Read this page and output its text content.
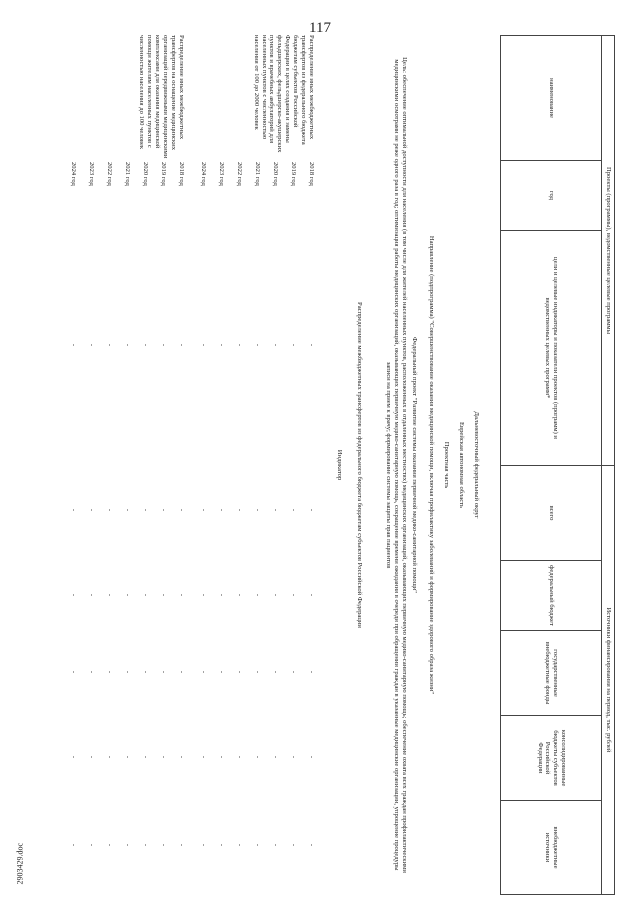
117
2903429.doc
Проекты (программы), ведомственные целевые программы
Источники финансирования на период, тыс. рублей
наименование
год
цели и целевые индикаторы и показатели проектов (программ) и ведомственных целевых программ*
всего
федеральный бюджет
государственные внебюджетные фонды
консолидированные бюджеты субъектов Российской Федерации
внебюджетные источники
Дальневосточный федеральный округ
Еврейская автономная область
Проектная часть
Направление (подпрограмма) "Совершенствование оказания медицинской помощи, включая профилактику заболеваний и формирование здорового образа жизни"
Федеральный проект "Развитие системы оказания первичной медико-санитарной помощи"
Цель: обеспечение оптимальной доступности для населения (в том числе для жителей населенных пунктов, расположенных в отдаленных местностях) медицинских организаций, оказывающих первичную медико-санитарную помощь; обеспечение охвата всех граждан профилактическими медицинскими осмотрами не реже одного раза в год; оптимизация работы медицинских организаций, оказывающих первичную медико-санитарную помощь, сокращение времени ожидания в очереди при обращении граждан в указанные медицинские организации, упрощение процедуры записи на прием к врачу; формирование системы защиты прав пациентов
Распределение межбюджетных трансфертов из федерального бюджета бюджетам субъектов Российской Федерации
Индикатор
Распределение иных межбюджетных трансфертов из федерального бюджета бюджетам субъектов Российской Федерации в целях создания и замены фельдшерских, фельдшерско-акушерских пунктов и врачебных амбулаторий для населенных пунктов с численностью населения от 100 до 2000 человек
2018 год
2019 год
2020 год
2021 год
2022 год
2023 год
2024 год
Распределение иных межбюджетных трансфертов на оснащение медицинских организаций передвижными медицинскими комплексами для оказания медицинской помощи жителям населенных пунктов с численностью населения до 100 человек
2018 год
2019 год
2020 год
2021 год
2022 год
2023 год
2024 год
-
-
-
-
-
-
-
-
-
-
-
-
-
-
-
-
-
-
-
-
-
-
-
-
-
-
-
-
-
-
-
-
-
-
-
-
-
-
-
-
-
-
-
-
-
-
-
-
-
-
-
-
-
-
-
-
-
-
-
-
-
-
-
-
-
-
-
-
-
-
-
-
-
-
-
-
-
-
-
-
-
-
-
-
